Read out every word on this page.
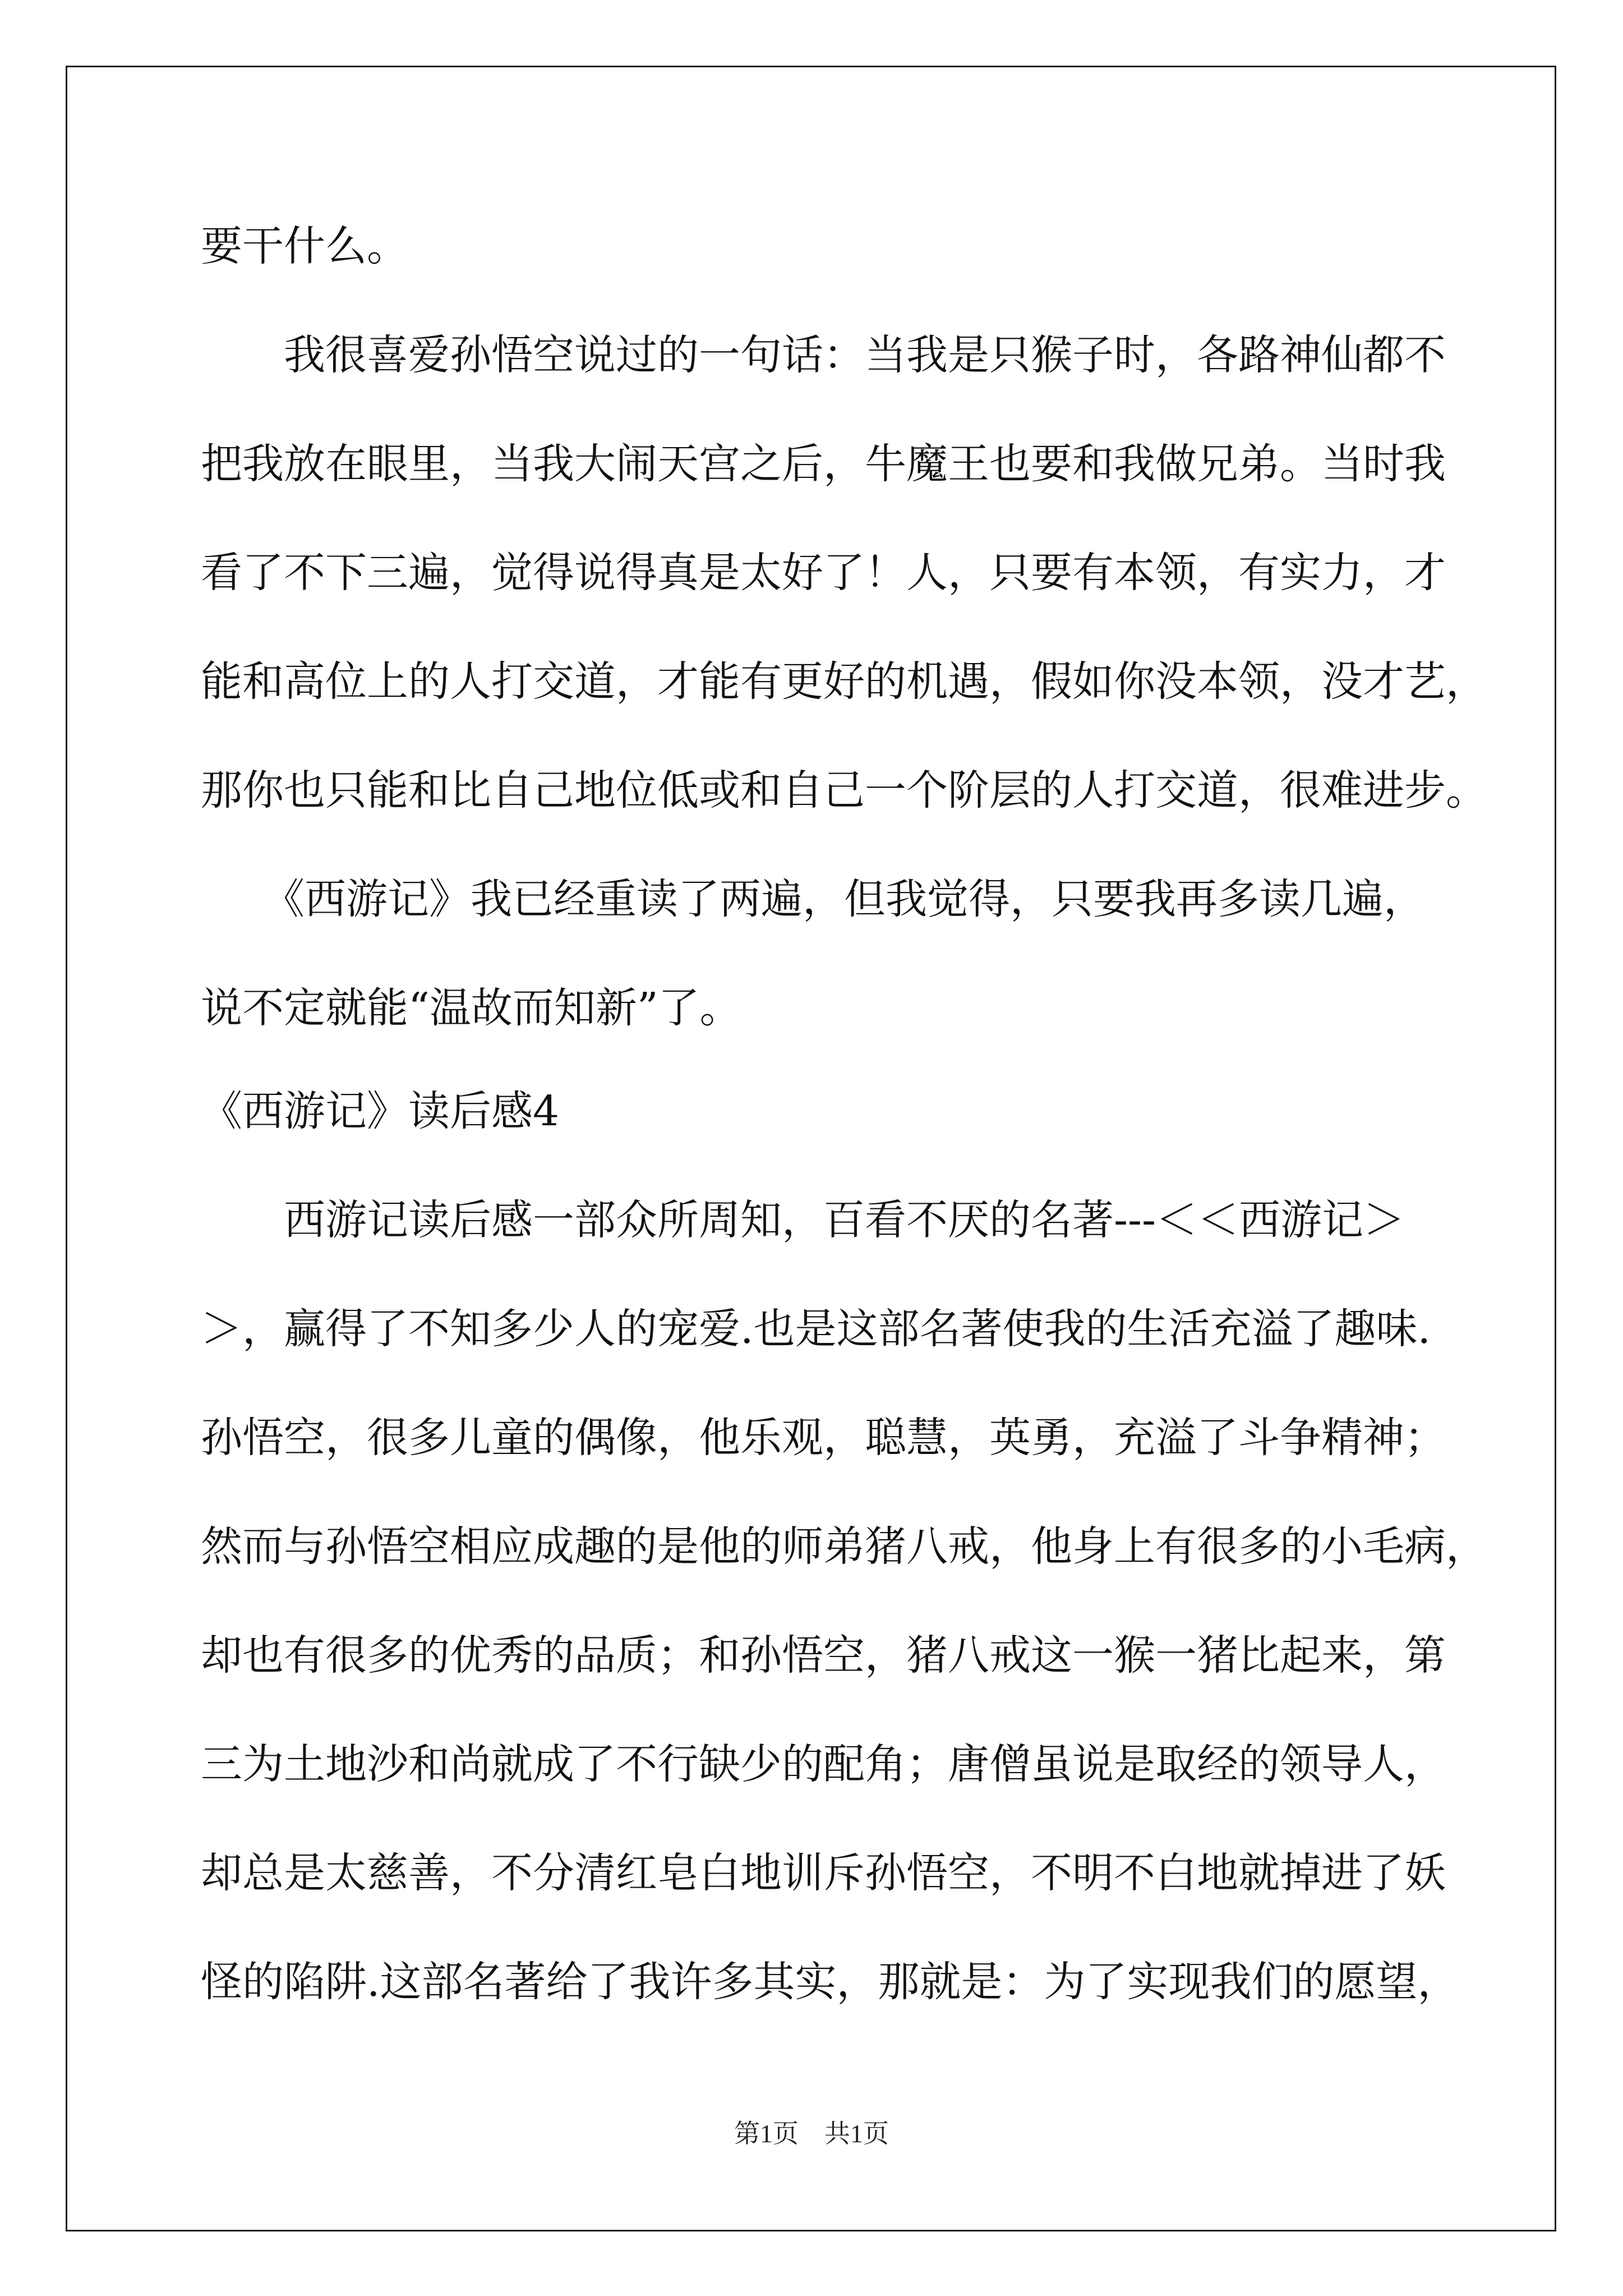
要干什么。
　　我很喜爱孙悟空说过的一句话：当我是只猴子时，各路神仙都不
把我放在眼里，当我大闹天宫之后，牛魔王也要和我做兄弟。当时我
看了不下三遍，觉得说得真是太好了！人，只要有本领，有实力，才
能和高位上的人打交道，才能有更好的机遇，假如你没本领，没才艺，
那你也只能和比自己地位低或和自己一个阶层的人打交道，很难进步。
　　《西游记》我已经重读了两遍，但我觉得，只要我再多读几遍，
说不定就能“温故而知新”了。
《西游记》读后感4
　　西游记读后感一部众所周知，百看不厌的名著---＜＜西游记＞
＞，赢得了不知多少人的宠爱.也是这部名著使我的生活充溢了趣味.
孙悟空，很多儿童的偶像，他乐观，聪慧，英勇，充溢了斗争精神；
然而与孙悟空相应成趣的是他的师弟猪八戒，他身上有很多的小毛病，
却也有很多的优秀的品质；和孙悟空，猪八戒这一猴一猪比起来，第
三为土地沙和尚就成了不行缺少的配角；唐僧虽说是取经的领导人，
却总是太慈善，不分清红皂白地训斥孙悟空，不明不白地就掉进了妖
怪的陷阱.这部名著给了我许多其实，那就是：为了实现我们的愿望，
第1页　共1页
